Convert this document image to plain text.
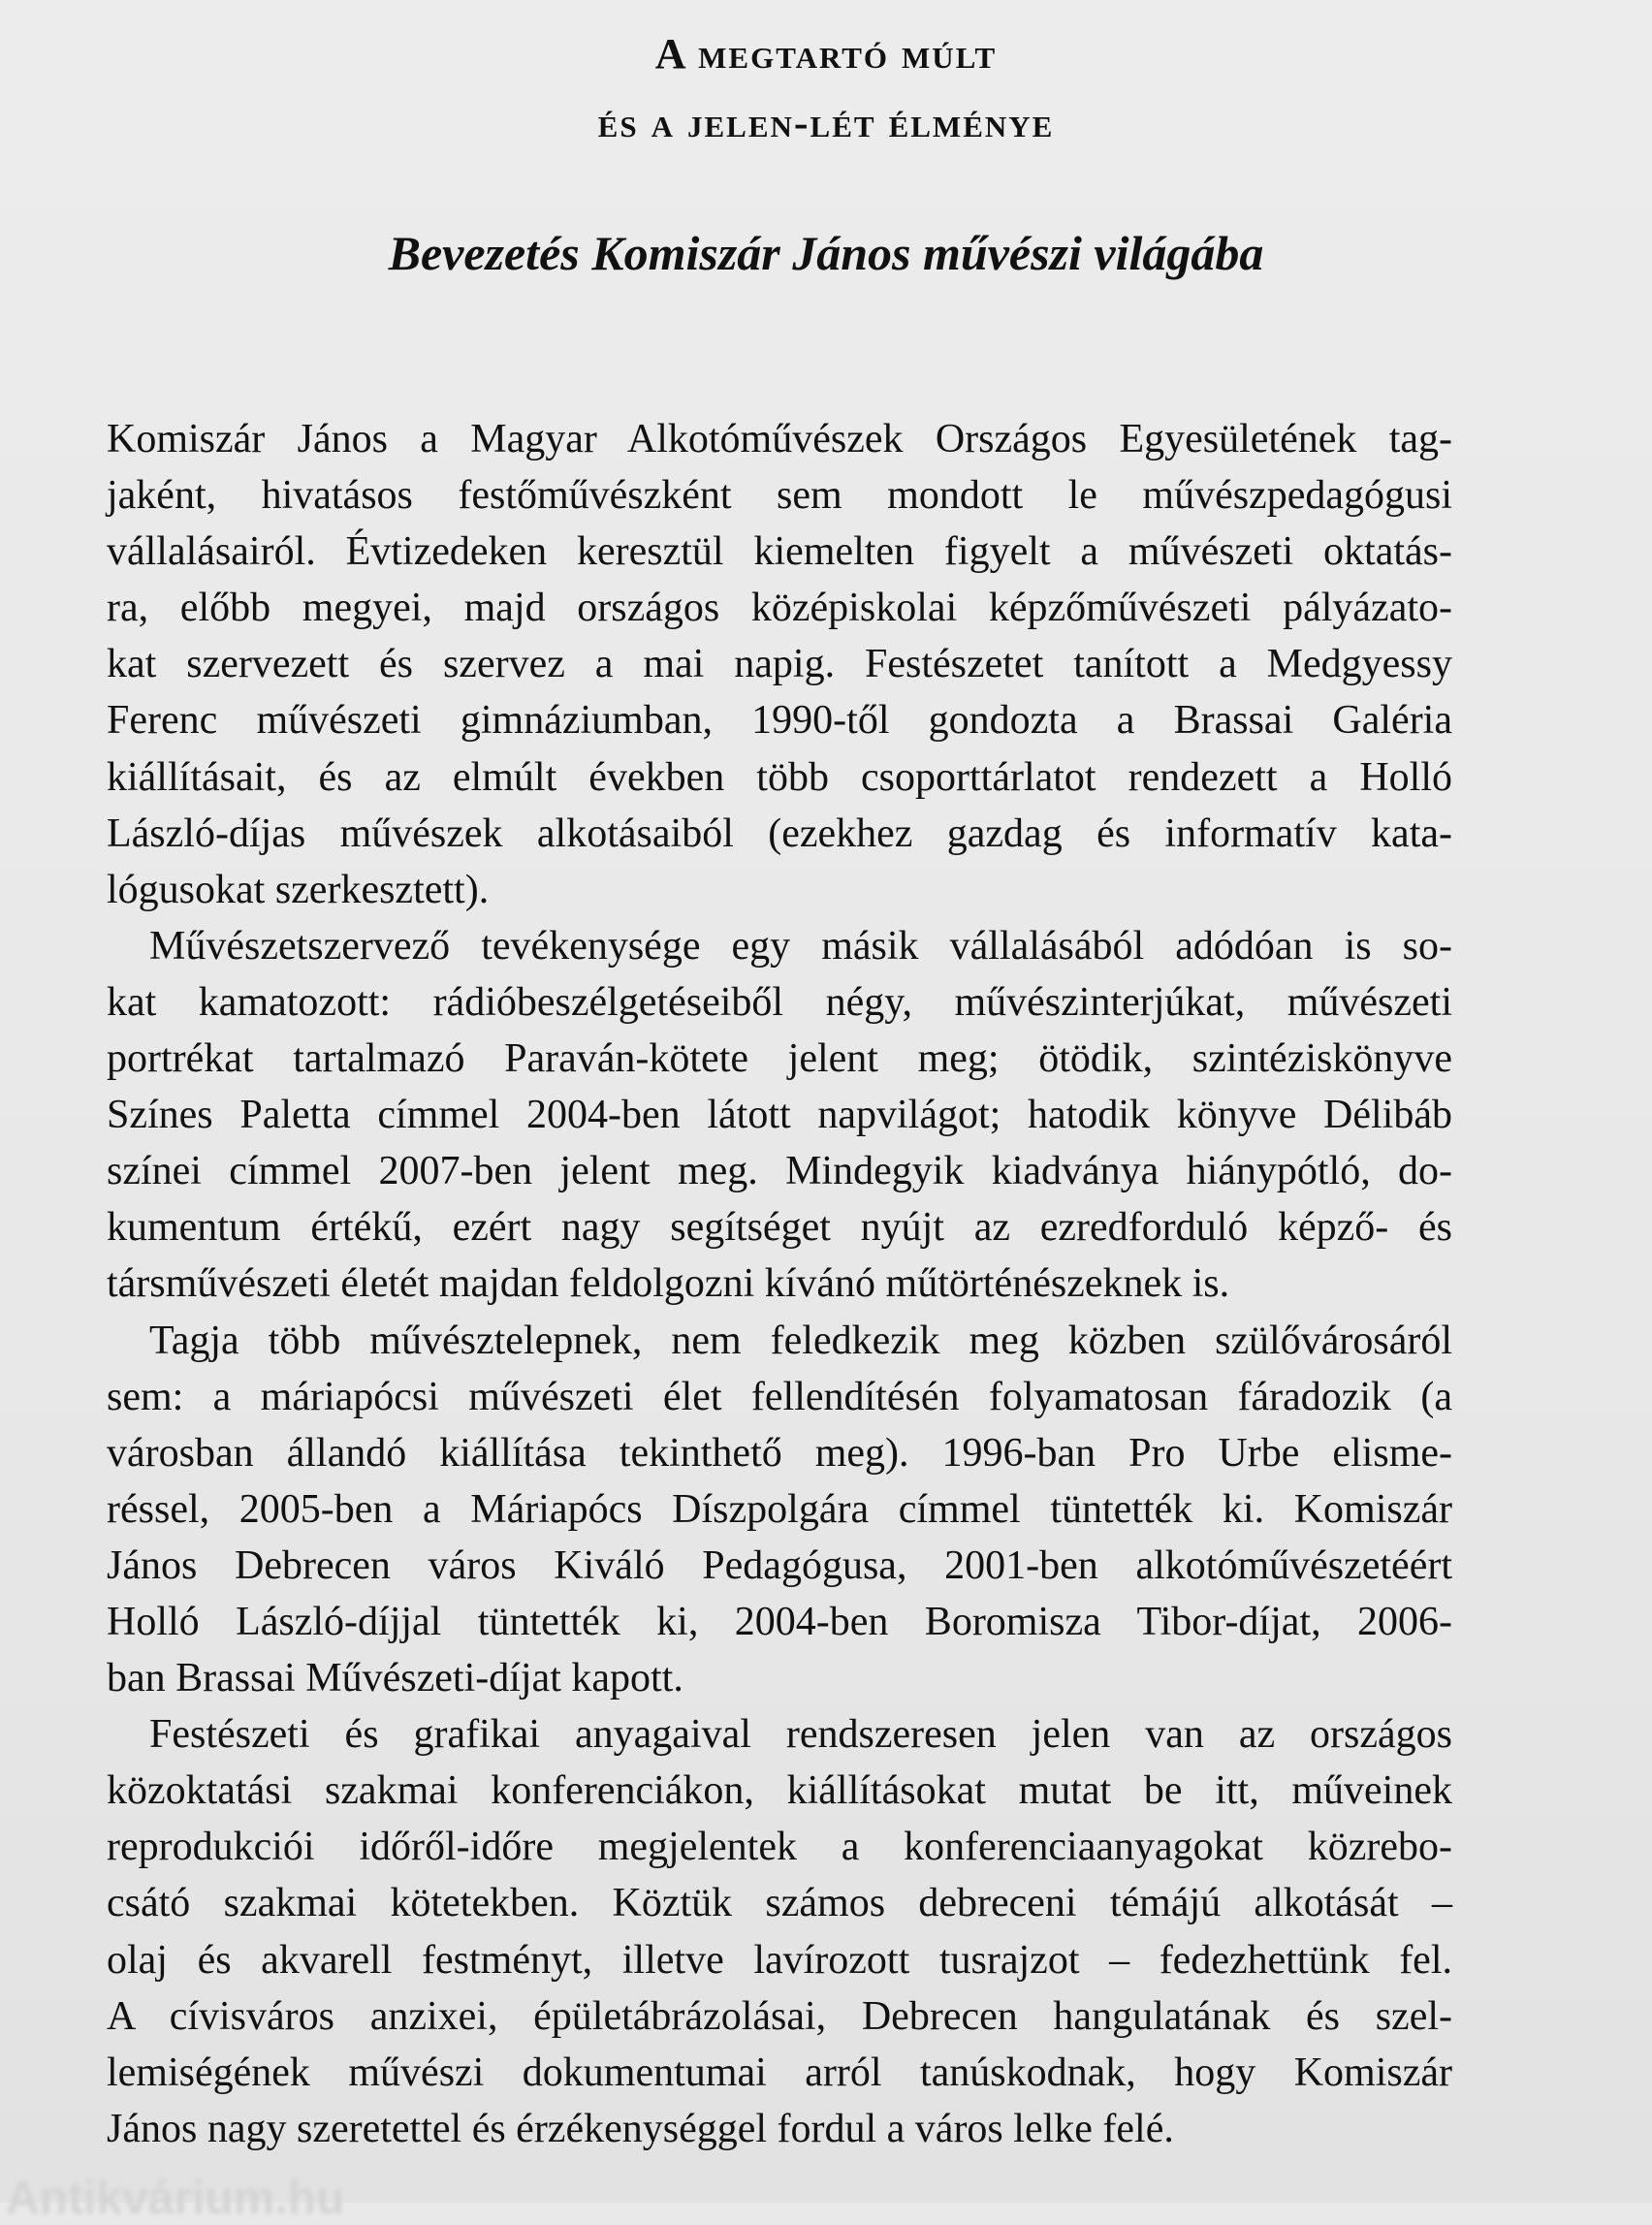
A megtartó múlt
és a jelen-lét élménye
Bevezetés Komiszár János művészi világába
Komiszár János a Magyar Alkotóművészek Országos Egyesületének tag-
jaként, hivatásos festőművészként sem mondott le művészpedagógusi
vállalásairól. Évtizedeken keresztül kiemelten figyelt a művészeti oktatás-
ra, előbb megyei, majd országos középiskolai képzőművészeti pályázato-
kat szervezett és szervez a mai napig. Festészetet tanított a Medgyessy
Ferenc művészeti gimnáziumban, 1990-től gondozta a Brassai Galéria
kiállításait, és az elmúlt években több csoporttárlatot rendezett a Holló
László-díjas művészek alkotásaiból (ezekhez gazdag és informatív kata-
lógusokat szerkesztett).
Művészetszervező tevékenysége egy másik vállalásából adódóan is so-
kat kamatozott: rádióbeszélgetéseiből négy, művészinterjúkat, művészeti
portrékat tartalmazó Paraván-kötete jelent meg; ötödik, szintéziskönyve
Színes Paletta címmel 2004-ben látott napvilágot; hatodik könyve Délibáb
színei címmel 2007-ben jelent meg. Mindegyik kiadványa hiánypótló, do-
kumentum értékű, ezért nagy segítséget nyújt az ezredforduló képző- és
társművészeti életét majdan feldolgozni kívánó műtörténészeknek is.
Tagja több művésztelepnek, nem feledkezik meg közben szülővárosáról
sem: a máriapócsi művészeti élet fellendítésén folyamatosan fáradozik (a
városban állandó kiállítása tekinthető meg). 1996-ban Pro Urbe elisme-
réssel, 2005-ben a Máriapócs Díszpolgára címmel tüntették ki. Komiszár
János Debrecen város Kiváló Pedagógusa, 2001-ben alkotóművészetéért
Holló László-díjjal tüntették ki, 2004-ben Boromisza Tibor-díjat, 2006-
ban Brassai Művészeti-díjat kapott.
Festészeti és grafikai anyagaival rendszeresen jelen van az országos
közoktatási szakmai konferenciákon, kiállításokat mutat be itt, műveinek
reprodukciói időről-időre megjelentek a konferenciaanyagokat közrebo-
csátó szakmai kötetekben. Köztük számos debreceni témájú alkotását –
olaj és akvarell festményt, illetve lavírozott tusrajzot – fedezhettünk fel.
A cívisváros anzixei, épületábrázolásai, Debrecen hangulatának és szel-
lemiségének művészi dokumentumai arról tanúskodnak, hogy Komiszár
János nagy szeretettel és érzékenységgel fordul a város lelke felé.
Antikvárium.hu
